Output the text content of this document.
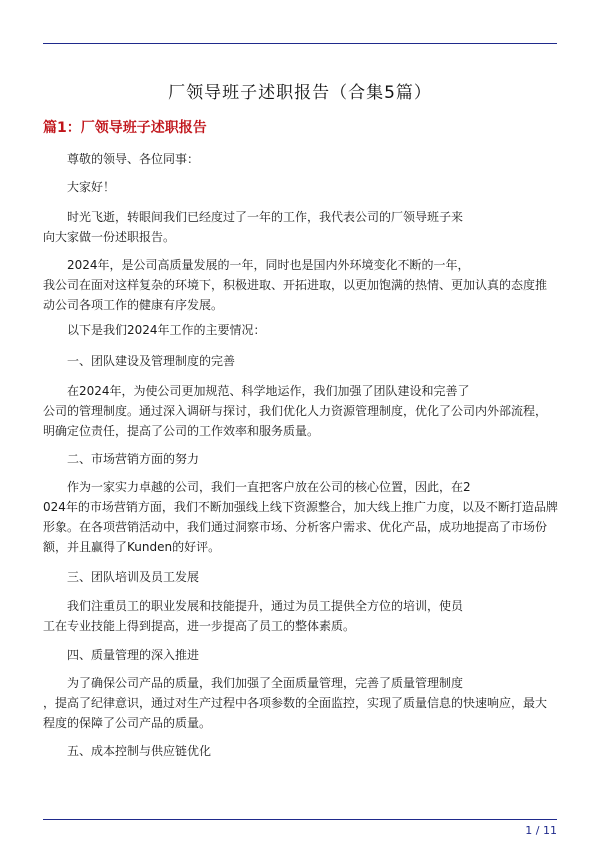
厂领导班子述职报告（合集5篇）
篇1：厂领导班子述职报告

尊敬的领导、各位同事：

大家好！

时光飞逝，转眼间我们已经度过了一年的工作，我代表公司的厂领导班子来
向大家做一份述职报告。

2024年，是公司高质量发展的一年，同时也是国内外环境变化不断的一年，
我公司在面对这样复杂的环境下，积极进取、开拓进取，以更加饱满的热情、更加认真的态度推
动公司各项工作的健康有序发展。

以下是我们2024年工作的主要情况：

一、团队建设及管理制度的完善

在2024年，为使公司更加规范、科学地运作，我们加强了团队建设和完善了
公司的管理制度。通过深入调研与探讨，我们优化人力资源管理制度，优化了公司内外部流程，
明确定位责任，提高了公司的工作效率和服务质量。

二、市场营销方面的努力

作为一家实力卓越的公司，我们一直把客户放在公司的核心位置，因此，在2
024年的市场营销方面，我们不断加强线上线下资源整合，加大线上推广力度，以及不断打造品牌
形象。在各项营销活动中，我们通过洞察市场、分析客户需求、优化产品，成功地提高了市场份
额，并且赢得了Kunden的好评。

三、团队培训及员工发展

我们注重员工的职业发展和技能提升，通过为员工提供全方位的培训，使员
工在专业技能上得到提高，进一步提高了员工的整体素质。

四、质量管理的深入推进

为了确保公司产品的质量，我们加强了全面质量管理，完善了质量管理制度
，提高了纪律意识，通过对生产过程中各项参数的全面监控，实现了质量信息的快速响应，最大
程度的保障了公司产品的质量。

五、成本控制与供应链优化

1 / 11
